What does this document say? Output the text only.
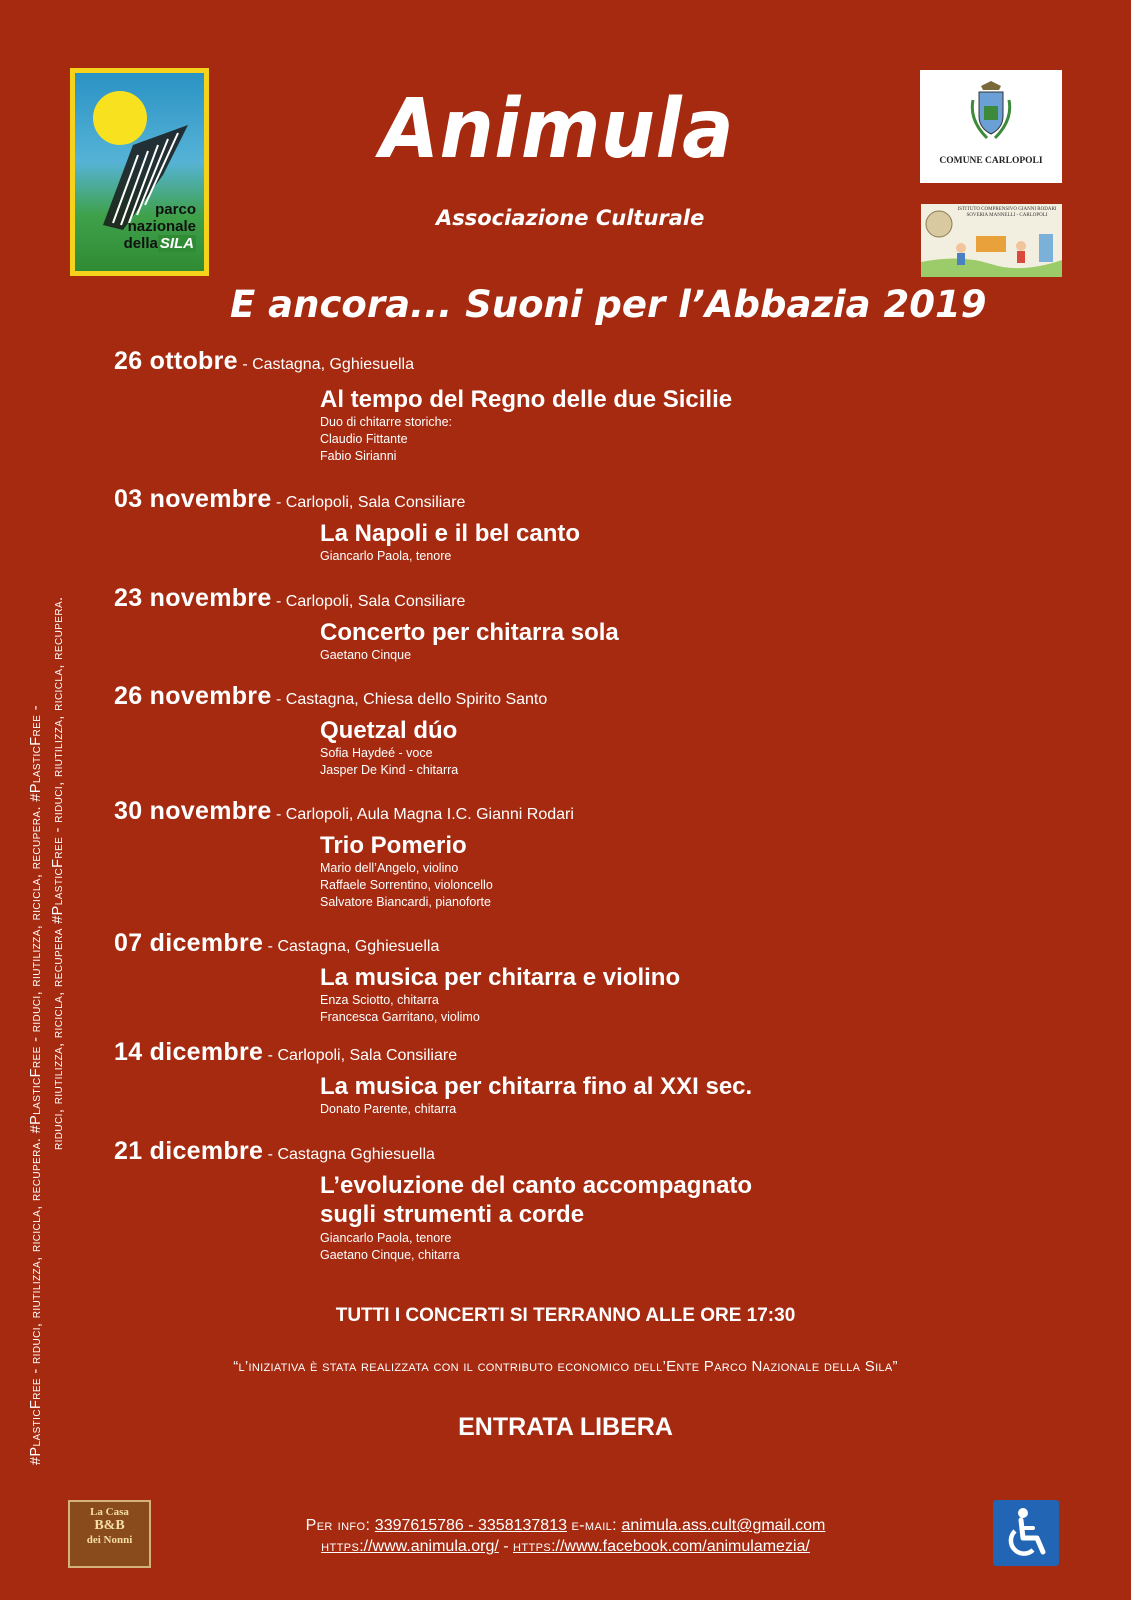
#PlasticFree - riduci, riutilizza, ricicla, recupera. #PlasticFree - riduci, riutilizza, ricicla, recupera. #PlasticFree - riduci, riutilizza, ricicla, recupera #PlasticFree - riduci, riutilizza, ricicla, recupera.
parco
nazionale
della SILA
Animula
Associazione Culturale
E ancora... Suoni per l’Abbazia 2019
COMUNE CARLOPOLI
ISTITUTO COMPRENSIVO GIANNI RODARI SOVERIA MANNELLI - CARLOPOLI
26 ottobre - Castagna, Gghiesuella
Al tempo del Regno delle due Sicilie
Duo di chitarre storiche:
Claudio Fittante
Fabio Sirianni
03 novembre - Carlopoli, Sala Consiliare
La Napoli e il bel canto
Giancarlo Paola, tenore
23 novembre - Carlopoli, Sala Consiliare
Concerto per chitarra sola
Gaetano Cinque
26 novembre - Castagna, Chiesa dello Spirito Santo
Quetzal dúo
Sofia Haydeé - voce
Jasper De Kind - chitarra
30 novembre - Carlopoli, Aula Magna I.C. Gianni Rodari
Trio Pomerio
Mario dell’Angelo, violino
Raffaele Sorrentino, violoncello
Salvatore Biancardi, pianoforte
07 dicembre - Castagna, Gghiesuella
La musica per chitarra e violino
Enza Sciotto, chitarra
Francesca Garritano, violimo
14 dicembre - Carlopoli, Sala Consiliare
La musica per chitarra fino al XXI sec.
Donato Parente, chitarra
21 dicembre - Castagna Gghiesuella
L’evoluzione del canto accompagnato
sugli strumenti a corde
Giancarlo Paola, tenore
Gaetano Cinque, chitarra
TUTTI I CONCERTI SI TERRANNO ALLE ORE 17:30
“l’iniziativa è stata realizzata con il contributo economico dell’Ente Parco Nazionale della Sila”
ENTRATA LIBERA
La Casa
B&B
dei Nonni
Per info: 3397615786 - 3358137813 e-mail: animula.ass.cult@gmail.com
https://www.animula.org/ - https://www.facebook.com/animulamezia/
